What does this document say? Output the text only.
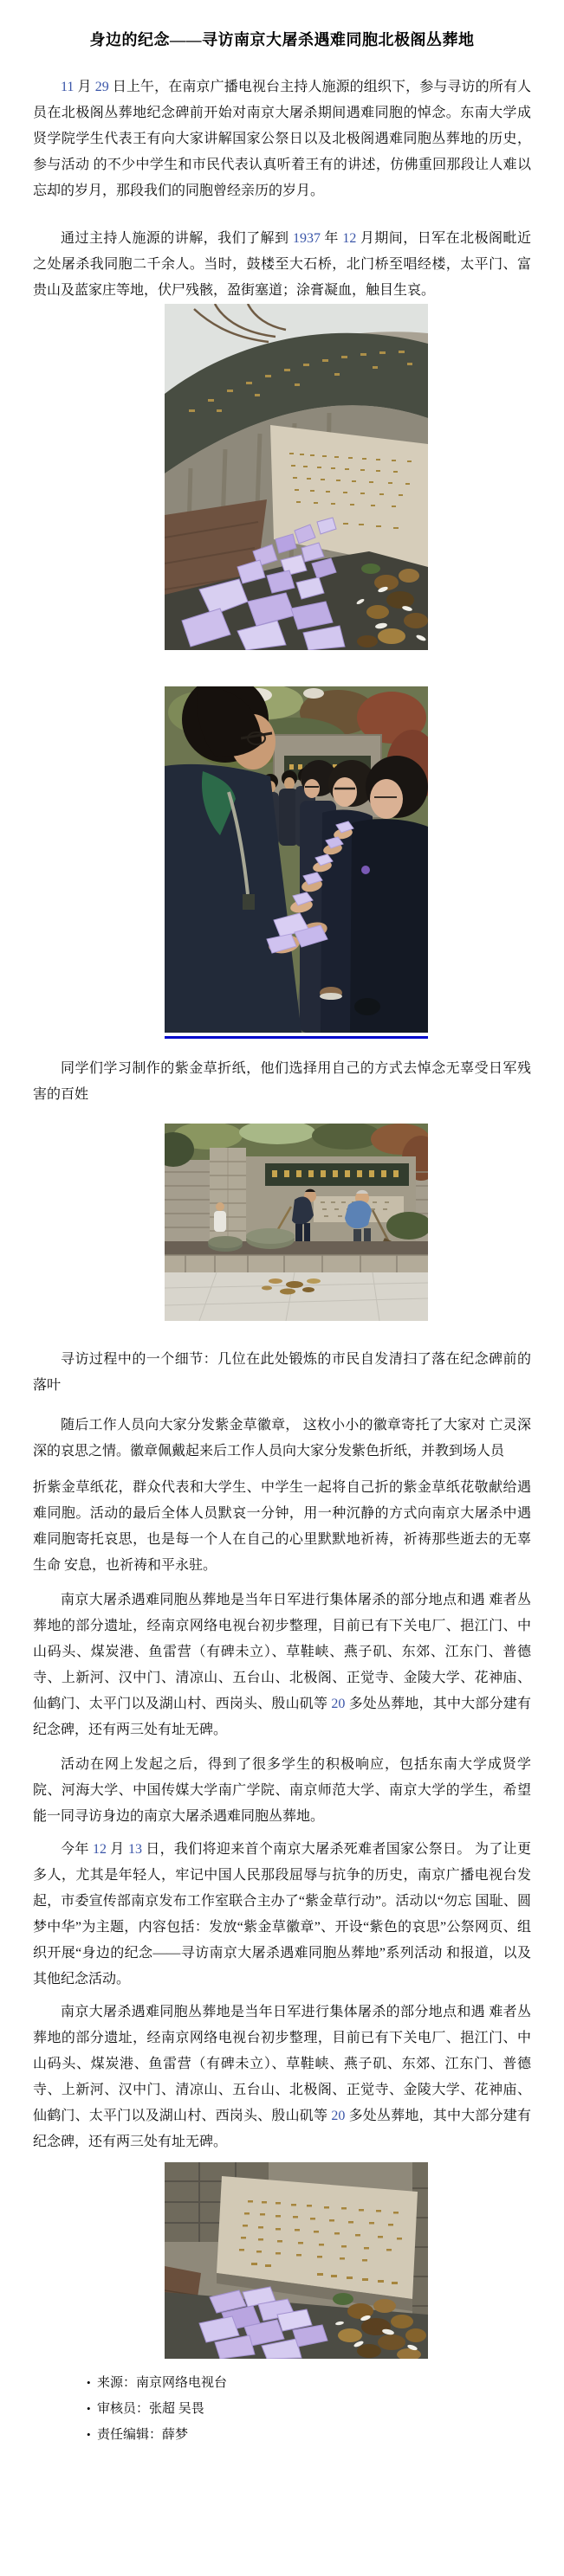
身边的纪念——寻访南京大屠杀遇难同胞北极阁丛葬地

11 月 29 日上午，在南京广播电视台主持人施源的组织下，参与寻访的所有人员在北极阁丛葬地纪念碑前开始对南京大屠杀期间遇难同胞的悼念。东南大学成贤学院学生代表王有向大家讲解国家公祭日以及北极阁遇难同胞丛葬地的历史，参与活动 的不少中学生和市民代表认真听着王有的讲述，仿佛重回那段让人难以忘却的岁月，那段我们的同胞曾经亲历的岁月。

通过主持人施源的讲解，我们了解到 1937 年 12 月期间，日军在北极阁毗近之处屠杀我同胞二千余人。当时，鼓楼至大石桥，北门桥至唱经楼，太平门、富贵山及蓝家庄等地，伏尸残骸，盈街塞道；涂膏凝血，触目生哀。

同学们学习制作的紫金草折纸，他们选择用自己的方式去悼念无辜受日军残害的百姓

寻访过程中的一个细节：几位在此处锻炼的市民自发清扫了落在纪念碑前的落叶

随后工作人员向大家分发紫金草徽章， 这枚小小的徽章寄托了大家对 亡灵深深的哀思之情。徽章佩戴起来后工作人员向大家分发紫色折纸，并教到场人员

折紫金草纸花，群众代表和大学生、中学生一起将自己折的紫金草纸花敬献给遇难同胞。活动的最后全体人员默哀一分钟，用一种沉静的方式向南京大屠杀中遇难同胞寄托哀思，也是每一个人在自己的心里默默地祈祷，祈祷那些逝去的无辜生命 安息，也祈祷和平永驻。

南京大屠杀遇难同胞丛葬地是当年日军进行集体屠杀的部分地点和遇 难者丛葬地的部分遗址，经南京网络电视台初步整理，目前已有下关电厂、挹江门、中山码头、煤炭港、鱼雷营（有碑未立）、草鞋峡、燕子矶、东郊、江东门、普德寺、上新河、汉中门、清凉山、五台山、北极阁、正觉寺、金陵大学、花神庙、仙鹤门、太平门以及湖山村、西岗头、殷山矶等 20 多处丛葬地，其中大部分建有 纪念碑，还有两三处有址无碑。

活动在网上发起之后，得到了很多学生的积极响应，包括东南大学成贤学院、河海大学、中国传媒大学南广学院、南京师范大学、南京大学的学生，希望能一同寻访身边的南京大屠杀遇难同胞丛葬地。

今年 12 月 13 日，我们将迎来首个南京大屠杀死难者国家公祭日。 为了让更多人，尤其是年轻人，牢记中国人民那段屈辱与抗争的历史，南京广播电视台发起，市委宣传部南京发布工作室联合主办了“紫金草行动”。活动以“勿忘 国耻、圆梦中华”为主题，内容包括：发放“紫金草徽章”、开设“紫色的哀思”公祭网页、组织开展“身边的纪念——寻访南京大屠杀遇难同胞丛葬地”系列活动 和报道，以及其他纪念活动。

南京大屠杀遇难同胞丛葬地是当年日军进行集体屠杀的部分地点和遇 难者丛葬地的部分遗址，经南京网络电视台初步整理，目前已有下关电厂、挹江门、中山码头、煤炭港、鱼雷营（有碑未立）、草鞋峡、燕子矶、东郊、江东门、普德寺、上新河、汉中门、清凉山、五台山、北极阁、正觉寺、金陵大学、花神庙、仙鹤门、太平门以及湖山村、西岗头、殷山矶等 20 多处丛葬地，其中大部分建有 纪念碑，还有两三处有址无碑。

• 来源：南京网络电视台
• 审核员：张超 吴畏
• 责任编辑：薛梦
